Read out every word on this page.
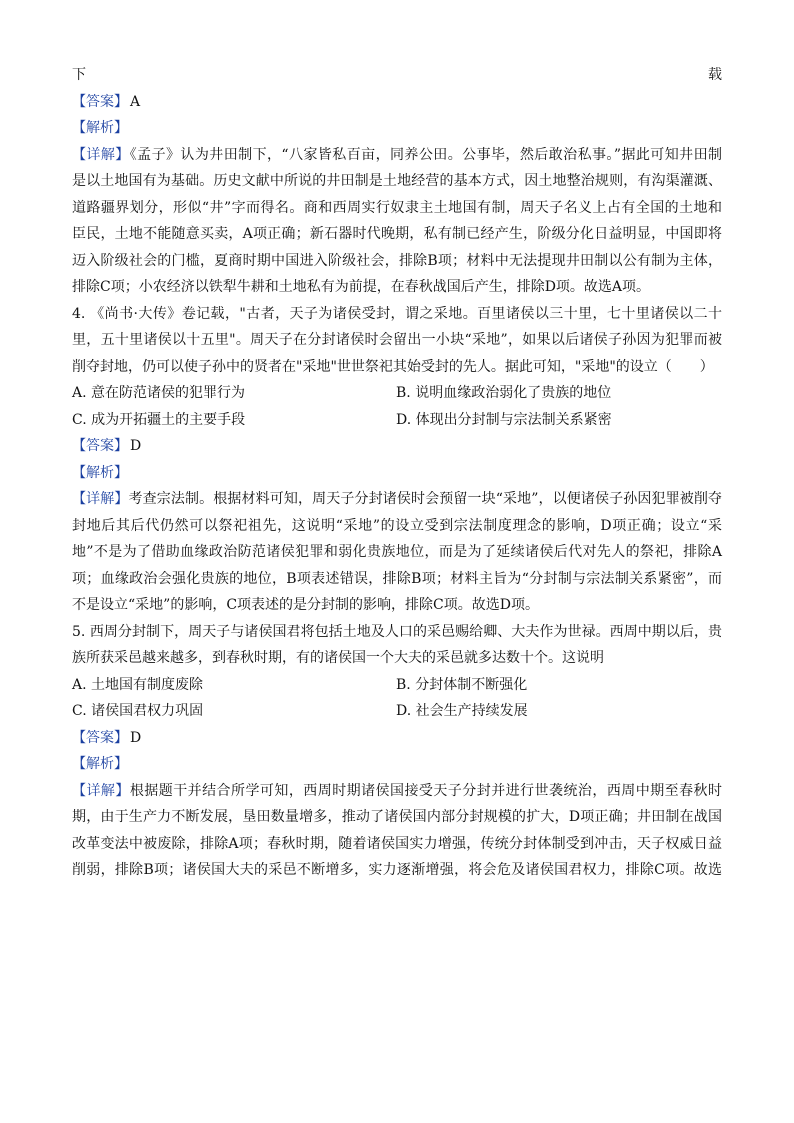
下	载
【答案】 A
【解析】
【详解】《孟子》认为井田制下，“八家皆私百亩，同养公田。公事毕，然后敢治私事。”据此可知井田制
是以土地国有为基础。历史文献中所说的井田制是土地经营的基本方式，因土地整治规则，有沟渠灌溉、
道路疆界划分，形似“井”字而得名。商和西周实行奴隶主土地国有制，周天子名义上占有全国的土地和
臣民，土地不能随意买卖，A项正确；新石器时代晚期，私有制已经产生，阶级分化日益明显，中国即将
迈入阶级社会的门槛，夏商时期中国进入阶级社会，排除B项；材料中无法提现井田制以公有制为主体，
排除C项；小农经济以铁犁牛耕和土地私有为前提，在春秋战国后产生，排除D项。故选A项。
4. 《尚书·大传》卷记载，"古者，天子为诸侯受封，谓之采地。百里诸侯以三十里，七十里诸侯以二十
里，五十里诸侯以十五里"。周天子在分封诸侯时会留出一小块“采地”，如果以后诸侯子孙因为犯罪而被
削夺封地，仍可以使子孙中的贤者在"采地"世世祭祀其始受封的先人。据此可知，"采地"的设立（　　）
A. 意在防范诸侯的犯罪行为	B. 说明血缘政治弱化了贵族的地位
C. 成为开拓疆土的主要手段	D. 体现出分封制与宗法制关系紧密
【答案】 D
【解析】
【详解】考查宗法制。根据材料可知，周天子分封诸侯时会预留一块“采地”，以便诸侯子孙因犯罪被削夺
封地后其后代仍然可以祭祀祖先，这说明“采地”的设立受到宗法制度理念的影响，D项正确；设立“采
地”不是为了借助血缘政治防范诸侯犯罪和弱化贵族地位，而是为了延续诸侯后代对先人的祭祀，排除A
项；血缘政治会强化贵族的地位，B项表述错误，排除B项；材料主旨为“分封制与宗法制关系紧密”，而
不是设立“采地”的影响，C项表述的是分封制的影响，排除C项。故选D项。
5. 西周分封制下，周天子与诸侯国君将包括土地及人口的采邑赐给卿、大夫作为世禄。西周中期以后，贵
族所获采邑越来越多，到春秋时期，有的诸侯国一个大夫的采邑就多达数十个。这说明
A. 土地国有制度废除	B. 分封体制不断强化
C. 诸侯国君权力巩固	D. 社会生产持续发展
【答案】 D
【解析】
【详解】根据题干并结合所学可知，西周时期诸侯国接受天子分封并进行世袭统治，西周中期至春秋时
期，由于生产力不断发展，垦田数量增多，推动了诸侯国内部分封规模的扩大，D项正确；井田制在战国
改革变法中被废除，排除A项；春秋时期，随着诸侯国实力增强，传统分封体制受到冲击，天子权威日益
削弱，排除B项；诸侯国大夫的采邑不断增多，实力逐渐增强，将会危及诸侯国君权力，排除C项。故选
